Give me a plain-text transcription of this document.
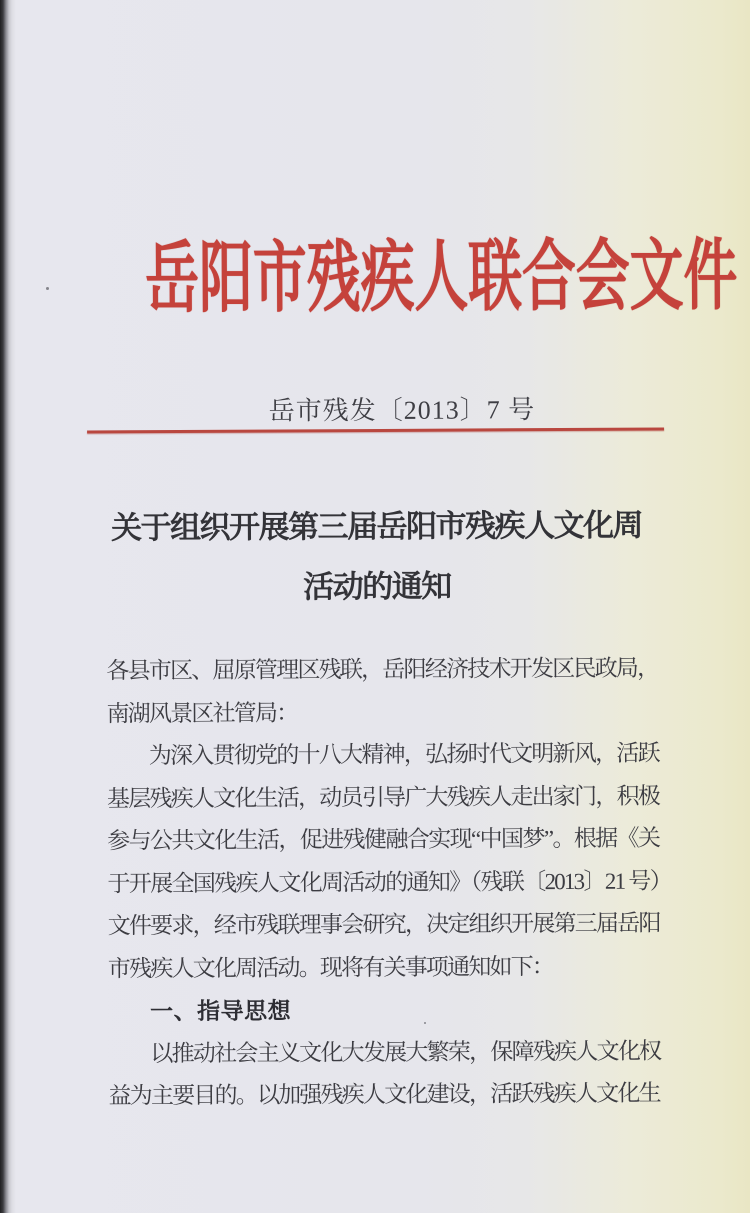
岳阳市残疾人联合会文件
岳市残发〔2013〕7 号
关于组织开展第三届岳阳市残疾人文化周
活动的通知

各县市区、屈原管理区残联，岳阳经济技术开发区民政局，南湖风景区社管局：

为深入贯彻党的十八大精神，弘扬时代文明新风，活跃基层残疾人文化生活，动员引导广大残疾人走出家门，积极参与公共文化生活，促进残健融合实现“中国梦”。根据《关于开展全国残疾人文化周活动的通知》（残联〔2013〕21 号）文件要求，经市残联理事会研究，决定组织开展第三届岳阳市残疾人文化周活动。现将有关事项通知如下：

一、指导思想

以推动社会主义文化大发展大繁荣，保障残疾人文化权益为主要目的。以加强残疾人文化建设，活跃残疾人文化生
